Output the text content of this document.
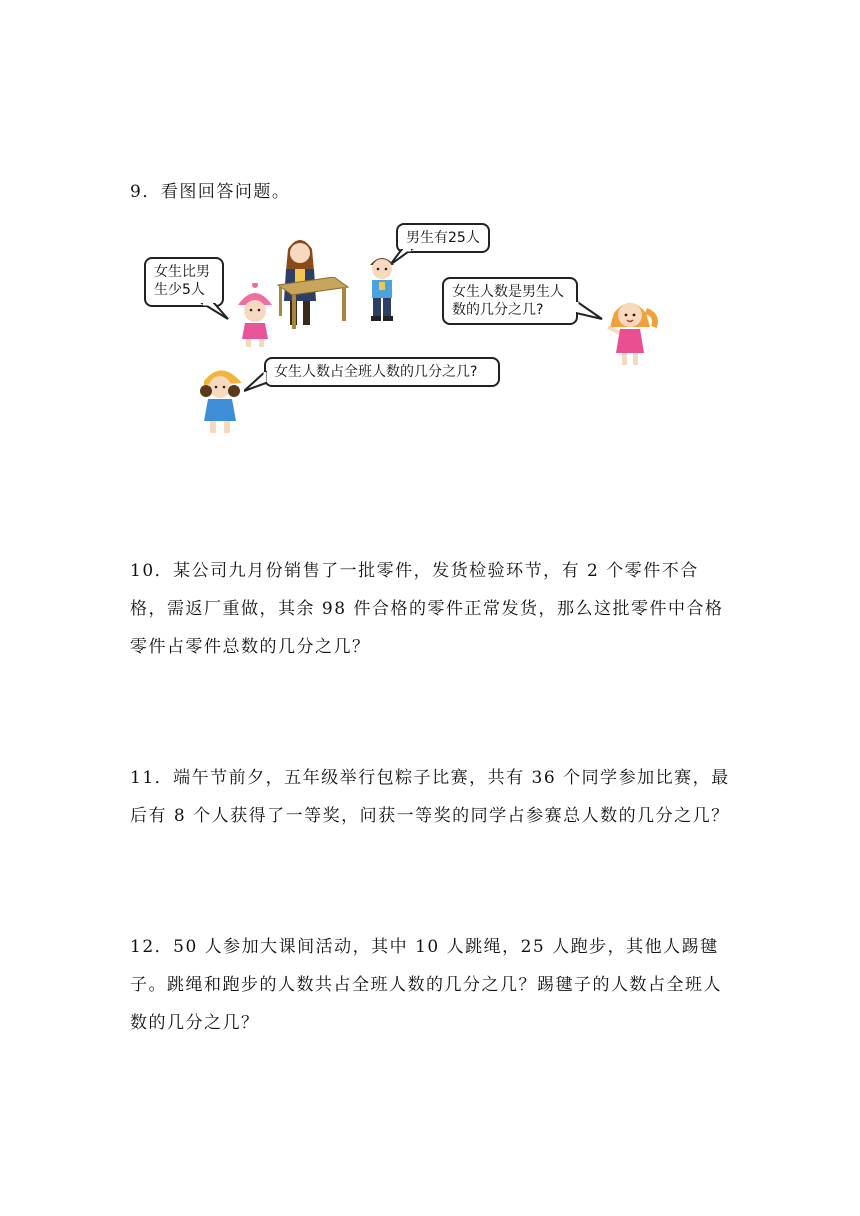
9．看图回答问题。
女生比男生少5人
男生有25人
女生人数是男生人数的几分之几?
女生人数占全班人数的几分之几?
10．某公司九月份销售了一批零件，发货检验环节，有 2 个零件不合格，需返厂重做，其余 98 件合格的零件正常发货，那么这批零件中合格零件占零件总数的几分之几？
11．端午节前夕，五年级举行包粽子比赛，共有 36 个同学参加比赛，最后有 8 个人获得了一等奖，问获一等奖的同学占参赛总人数的几分之几？
12．50 人参加大课间活动，其中 10 人跳绳，25 人跑步，其他人踢毽子。跳绳和跑步的人数共占全班人数的几分之几？踢毽子的人数占全班人数的几分之几？
